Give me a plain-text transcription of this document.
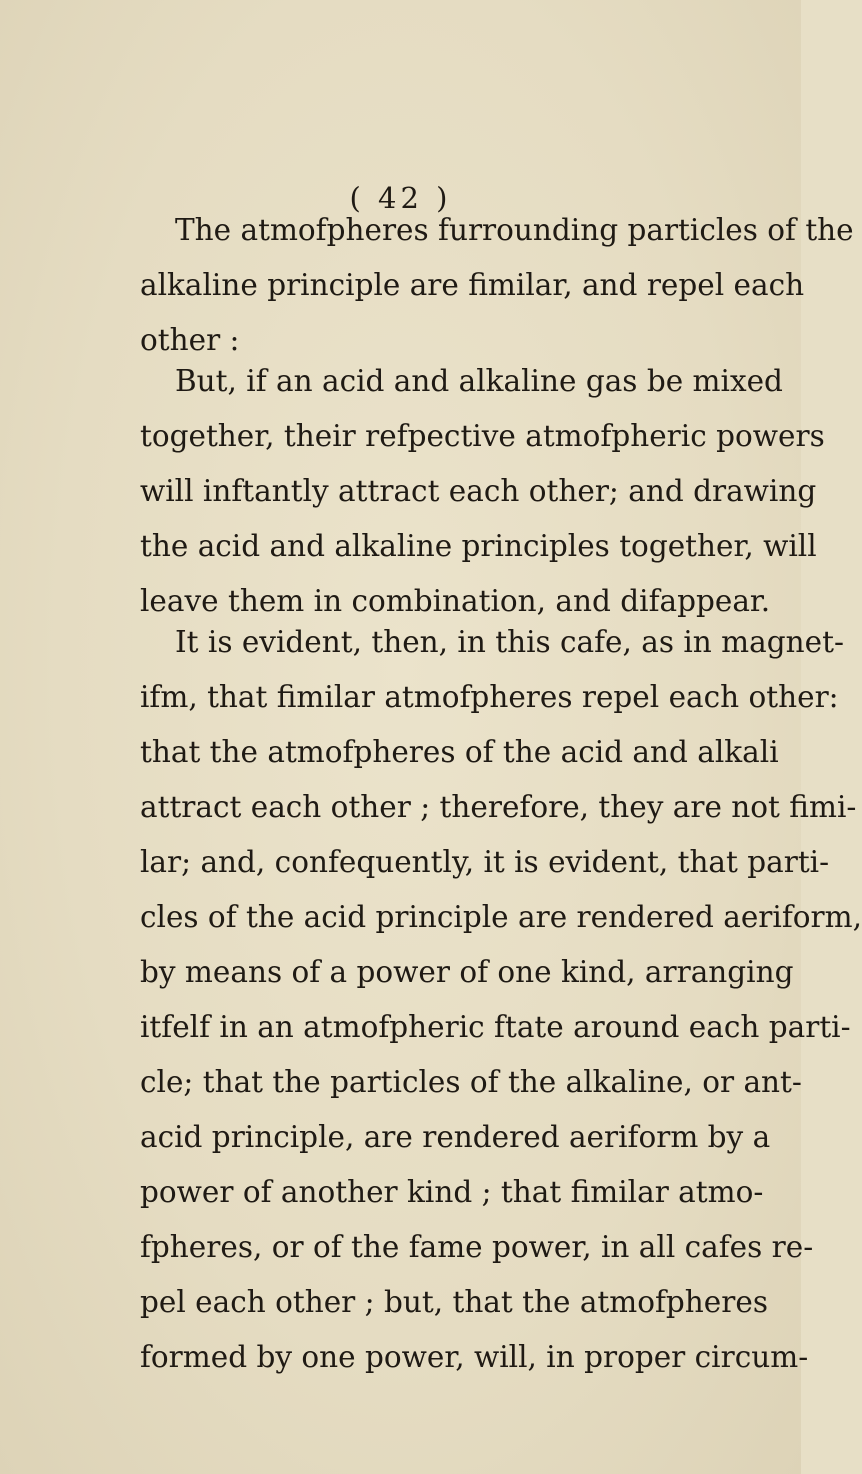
( 42 )
The atmofpheres furrounding particles of the
alkaline principle are fimilar, and repel each
other :
But, if an acid and alkaline gas be mixed
together, their refpective atmofpheric powers
will inftantly attract each other; and drawing
the acid and alkaline principles together, will
leave them in combination, and difappear.
It is evident, then, in this cafe, as in magnet-
ifm, that fimilar atmofpheres repel each other:
that the atmofpheres of the acid and alkali
attract each other ; therefore, they are not fimi-
lar; and, confequently, it is evident, that parti-
cles of the acid principle are rendered aeriform,
by means of a power of one kind, arranging
itfelf in an atmofpheric ftate around each parti-
cle; that the particles of the alkaline, or ant-
acid principle, are rendered aeriform by a
power of another kind ; that fimilar atmo-
fpheres, or of the fame power, in all cafes re-
pel each other ; but, that the atmofpheres
formed by one power, will, in proper circum-
